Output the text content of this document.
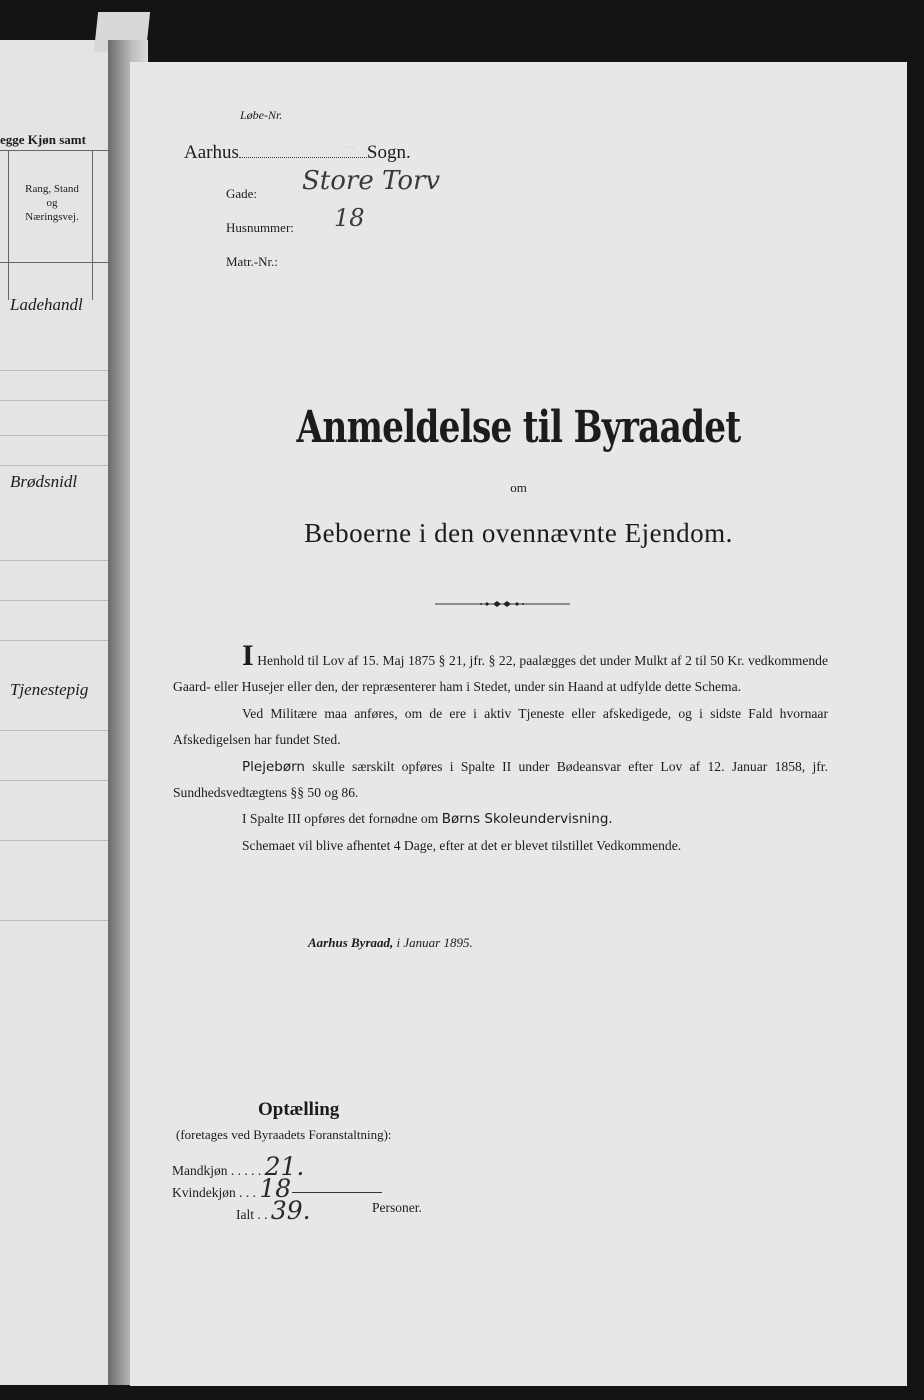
egge Kjøn samt
Rang, Stand
og
Næringsvej.
Ladehandl
Brødsnidl
Tjenestepig
...
Løbe-Nr.
Aarhus	Sogn.
Gade: Store Torv
Husnummer: 18
Matr.-Nr.:
Anmeldelse til Byraadet
om
Beboerne i den ovennævnte Ejendom.

I Henhold til Lov af 15. Maj 1875 § 21, jfr. § 22, paalægges det under Mulkt af 2 til 50 Kr. vedkommende Gaard- eller Husejer eller den, der repræsenterer ham i Stedet, under sin Haand at udfylde dette Schema.

Ved Militære maa anføres, om de ere i aktiv Tjeneste eller afskedigede, og i sidste Fald hvornaar Afskedigelsen har fundet Sted.

Plejebørn skulle særskilt opføres i Spalte II under Bødeansvar efter Lov af 12. Januar 1858, jfr. Sundhedsvedtægtens §§ 50 og 86.

I Spalte III opføres det fornødne om Børns Skoleundervisning.

Schemaet vil blive afhentet 4 Dage, efter at det er blevet tilstillet Vedkommende.

Aarhus Byraad, i Januar 1895.
Optælling
(foretages ved Byraadets Foranstaltning):
Mandkjøn . . . . . 21.
Kvindekjøn . . . 18
Ialt . . 39.	Personer.
